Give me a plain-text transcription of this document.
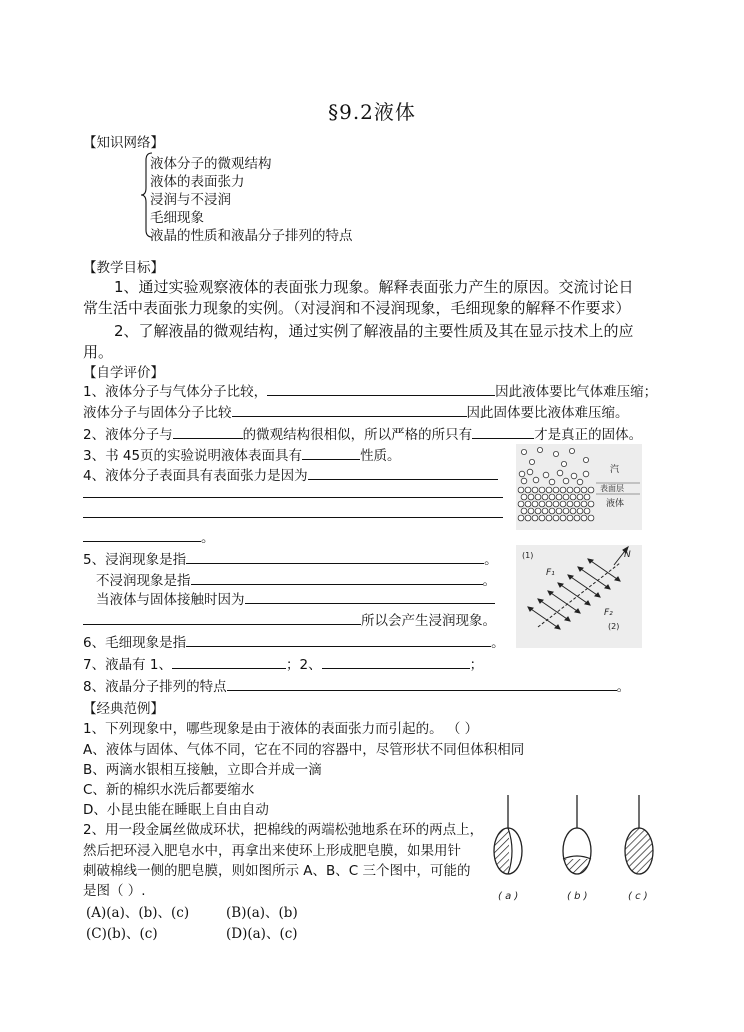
§9.2液体
【知识网络】
液体分子的微观结构
液体的表面张力
浸润与不浸润
毛细现象
液晶的性质和液晶分子排列的特点
【教学目标】
1、通过实验观察液体的表面张力现象。解释表面张力产生的原因。交流讨论日
常生活中表面张力现象的实例。（对浸润和不浸润现象，毛细现象的解释不作要求）
2、了解液晶的微观结构，通过实例了解液晶的主要性质及其在显示技术上的应
用。
【自学评价】
1、液体分子与气体分子比较，	因此液体要比气体难压缩；
液体分子与固体分子比较	因此固体要比液体难压缩。
2、液体分子与	的微观结构很相似，所以严格的所只有	才是真正的固体。
3、书 45页的实验说明液体表面具有	性质。
4、液体分子表面具有表面张力是因为
。
5、浸润现象是指	。
不浸润现象是指	。
当液体与固体接触时因为
所以会产生浸润现象。
6、毛细现象是指	。
7、液晶有 1、	；2、	；
8、液晶分子排列的特点	。
汽
表面层
液体
(1)	N
F₁
F₂
(2)
【经典范例】
1、下列现象中，哪些现象是由于液体的表面张力而引起的。 （ ）
A、液体与固体、气体不同，它在不同的容器中，尽管形状不同但体积相同
B、两滴水银相互接触，立即合并成一滴
C、新的棉织水洗后都要缩水
D、小昆虫能在睡眠上自由自动
2、用一段金属丝做成环状，把棉线的两端松弛地系在环的两点上，
然后把环浸入肥皂水中，再拿出来使环上形成肥皂膜，如果用针
刺破棉线一侧的肥皂膜，则如图所示 A、B、C 三个图中，可能的
是图（ ）.
(A)(a)、(b)、(c)	(B)(a)、(b)
(C)(b)、(c)	(D)(a)、(c)
( a )	( b )	( c )
